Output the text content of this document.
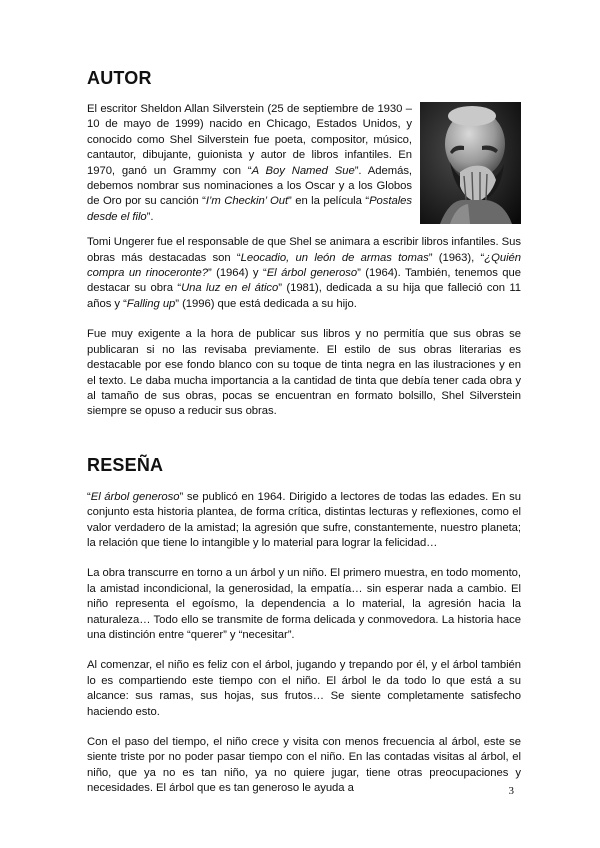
AUTOR

El escritor Sheldon Allan Silverstein (25 de septiembre de 1930 – 10 de mayo de 1999) nacido en Chicago, Estados Unidos, y conocido como Shel Silverstein fue poeta, compositor, músico, cantautor, dibujante, guionista y autor de libros infantiles. En 1970, ganó un Grammy con “A Boy Named Sue”. Además, debemos nombrar sus nominaciones a los Oscar y a los Globos de Oro por su canción “I’m Checkin’ Out” en la película “Postales desde el filo”.

Tomi Ungerer fue el responsable de que Shel se animara a escribir libros infantiles. Sus obras más destacadas son “Leocadio, un león de armas tomas” (1963), “¿Quién compra un rinoceronte?” (1964) y “El árbol generoso” (1964). También, tenemos que destacar su obra “Una luz en el ático” (1981), dedicada a su hija que falleció con 11 años y “Falling up” (1996) que está dedicada a su hijo.

Fue muy exigente a la hora de publicar sus libros y no permitía que sus obras se publicaran si no las revisaba previamente. El estilo de sus obras literarias es destacable por ese fondo blanco con su toque de tinta negra en las ilustraciones y en el texto. Le daba mucha importancia a la cantidad de tinta que debía tener cada obra y al tamaño de sus obras, pocas se encuentran en formato bolsillo, Shel Silverstein siempre se opuso a reducir sus obras.

RESEÑA

“El árbol generoso” se publicó en 1964. Dirigido a lectores de todas las edades. En su conjunto esta historia plantea, de forma crítica, distintas lecturas y reflexiones, como el valor verdadero de la amistad; la agresión que sufre, constantemente, nuestro planeta; la relación que tiene lo intangible y lo material para lograr la felicidad…

La obra transcurre en torno a un árbol y un niño. El primero muestra, en todo momento, la amistad incondicional, la generosidad, la empatía… sin esperar nada a cambio. El niño representa el egoísmo, la dependencia a lo material, la agresión hacia la naturaleza… Todo ello se transmite de forma delicada y conmovedora. La historia hace una distinción entre “querer” y “necesitar”.

Al comenzar, el niño es feliz con el árbol, jugando y trepando por él, y el árbol también lo es compartiendo este tiempo con el niño. El árbol le da todo lo que está a su alcance: sus ramas, sus hojas, sus frutos… Se siente completamente satisfecho haciendo esto.

Con el paso del tiempo, el niño crece y visita con menos frecuencia al árbol, este se siente triste por no poder pasar tiempo con el niño. En las contadas visitas al árbol, el niño, que ya no es tan niño, ya no quiere jugar, tiene otras preocupaciones y necesidades. El árbol que es tan generoso le ayuda a	3
